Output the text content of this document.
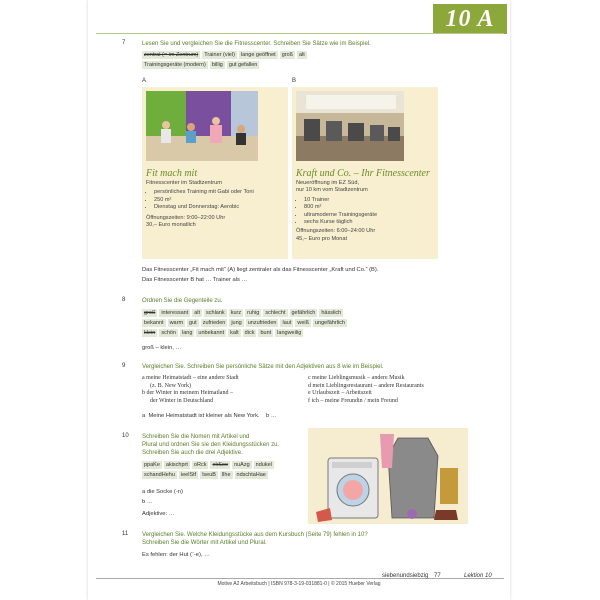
10 A
7	Lesen Sie und vergleichen Sie die Fitnesscenter. Schreiben Sie Sätze wie im Beispiel.
zentral (= im Zentrum) Trainer (viel) lange geöffnet groß alt
Trainingsgeräte (modern) billig gut gefallen
A	B
Fit mach mit
Fitnesscenter im Stadtzentrum
• persönliches Training mit Gabi oder Toni
• 250 m²
• Dienstag und Donnerstag: Aerobic
Öffnungszeiten: 9:00–22:00 Uhr
30,– Euro monatlich
Kraft und Co. – Ihr Fitnesscenter
Neueröffnung im EZ Süd,
nur 10 km vom Stadtzentrum
• 10 Trainer
• 800 m²
• ultramoderne Trainingsgeräte
• sechs Kurse täglich
Öffnungszeiten: 6:00–24:00 Uhr
45,– Euro pro Monat
Das Fitnesscenter „Fit mach mit“ (A) liegt zentraler als das Fitnesscenter „Kraft und Co.“ (B).
Das Fitnesscenter B hat … Trainer als …
8	Ordnen Sie die Gegenteile zu.
groß interessant alt schlank kurz ruhig schlecht gefährlich hässlich
bekannt warm gut zufrieden jung unzufrieden laut weiß ungefährlich
klein schön lang unbekannt kalt dick bunt langweilig
groß – klein, …
9	Vergleichen Sie. Schreiben Sie persönliche Sätze mit den Adjektiven aus 8 wie im Beispiel.
a meine Heimatstadt – eine andere Stadt
(z. B. New York)
b der Winter in meinem Heimatland –
der Winter in Deutschland
c meine Lieblingsmusik – andere Musik
d mein Lieblingsrestaurant – andere Restaurants
e Urlaubszeit – Arbeitszeit
f ich – meine Freundin / mein Freund
a  Meine Heimatstadt ist kleiner als New York.    b …
10 Schreiben Sie die Nomen mit Artikel und
Plural und ordnen Sie sie den Kleidungsstücken zu.
Schreiben Sie auch die drei Adjektive.
ppaKe akischprt oRck ekSoe nuAzg ndukel
schandHehu ieelStf lseuB llhe ndschtaHae
a die Socke (-n)
b …
Adjektive: …
11 Vergleichen Sie. Welche Kleidungsstücke aus dem Kursbuch (Seite 79) fehlen in 10?
Schreiben Sie die Wörter mit Artikel und Plural.
Es fehlen: der Hut (¨-e), …
siebenundsiebzig 77	Lektion 10
Motive A2 Arbeitsbuch | ISBN 978-3-19-031881-0 | © 2015 Hueber Verlag
